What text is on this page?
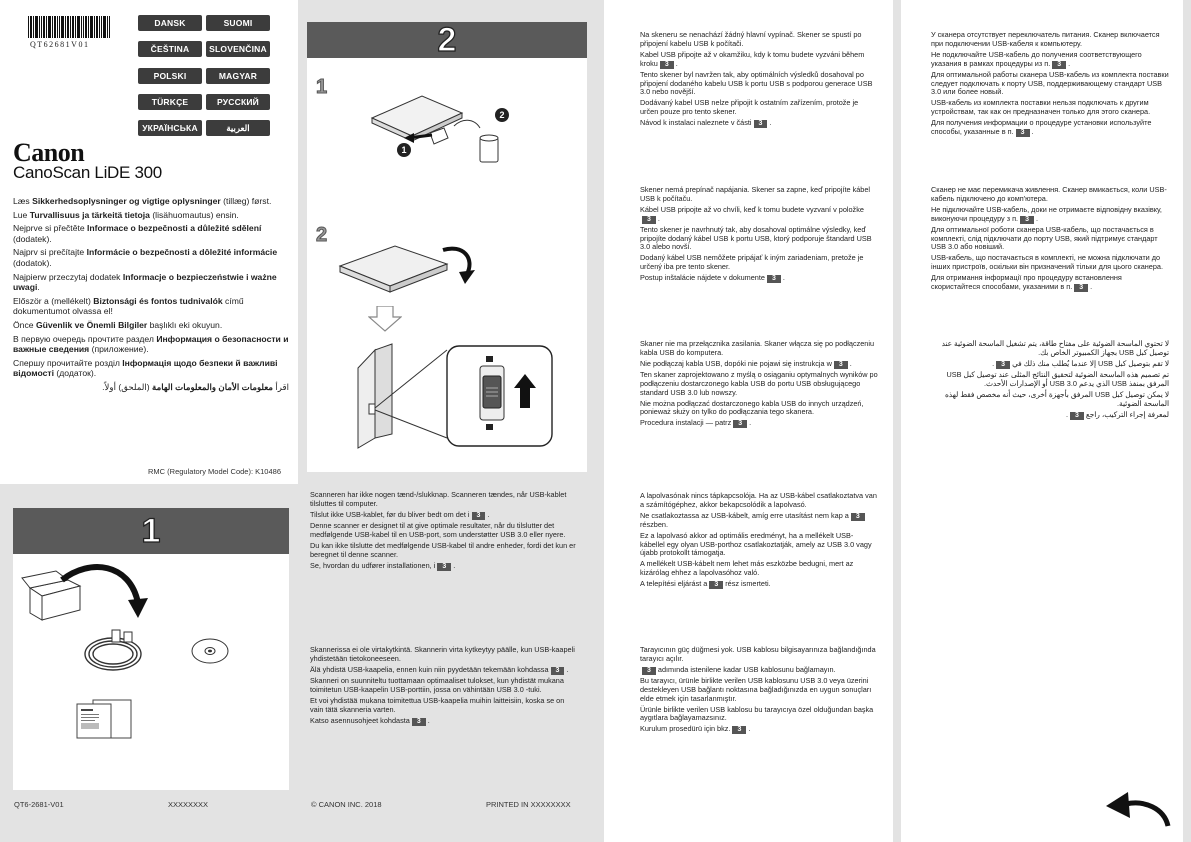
QT62681V01
DANSK	SUOMI
ČEŠTINA	SLOVENČINA
POLSKI	MAGYAR
TÜRKÇE	РУССКИЙ
УКРАЇНСЬКА	العربية
Canon
CanoScan LiDE 300

Læs Sikkerhedsoplysninger og vigtige oplysninger (tillæg) først.

Lue Turvallisuus ja tärkeitä tietoja (lisähuomautus) ensin.

Nejprve si přečtěte Informace o bezpečnosti a důležité sdělení (dodatek).

Najprv si prečítajte Informácie o bezpečnosti a dôležité informácie (dodatok).

Najpierw przeczytaj dodatek Informacje o bezpieczeństwie i ważne uwagi.

Először a (mellékelt) Biztonsági és fontos tudnivalók című dokumentumot olvassa el!

Önce Güvenlik ve Önemli Bilgiler başlıklı eki okuyun.

В первую очередь прочтите раздел Информация о безопасности и важные сведения (приложение).

Спершу прочитайте розділ Інформація щодо безпеки й важливі відомості (додаток).

اقرأ معلومات الأمان والمعلومات الهامة (الملحق) أولاً.

RMC (Regulatory Model Code): K10486
1
QT6-2681-V01	XXXXXXXX
2
1
2
1
2

Scanneren har ikke nogen tænd-/slukknap. Scanneren tændes, når USB-kablet tilsluttes til computer.

Tilslut ikke USB-kablet, før du bliver bedt om det i 3 .

Denne scanner er designet til at give optimale resultater, når du tilslutter det medfølgende USB-kabel til en USB-port, som understøtter USB 3.0 eller nyere.

Du kan ikke tilslutte det medfølgende USB-kabel til andre enheder, fordi det kun er beregnet til denne scanner.

Se, hvordan du udfører installationen, i 3 .

Skannerissa ei ole virtakytkintä. Skannerin virta kytkeytyy päälle, kun USB-kaapeli yhdistetään tietokoneeseen.

Älä yhdistä USB-kaapelia, ennen kuin niin pyydetään tekemään kohdassa 3 .

Skanneri on suunniteltu tuottamaan optimaaliset tulokset, kun yhdistät mukana toimitetun USB-kaapelin USB-porttiin, jossa on vähintään USB 3.0 -tuki.

Et voi yhdistää mukana toimitettua USB-kaapelia muihin laitteisiin, koska se on vain tätä skanneria varten.

Katso asennusohjeet kohdasta 3 .

© CANON INC. 2018	PRINTED IN XXXXXXXX

Na skeneru se nenachází žádný hlavní vypínač. Skener se spustí po připojení kabelu USB k počítači.

Kabel USB připojte až v okamžiku, kdy k tomu budete vyzváni během kroku 3 .

Tento skener byl navržen tak, aby optimálních výsledků dosahoval po připojení dodaného kabelu USB k portu USB s podporou generace USB 3.0 nebo novější.

Dodávaný kabel USB nelze připojit k ostatním zařízením, protože je určen pouze pro tento skener.

Návod k instalaci naleznete v části 3 .

Skener nemá prepínač napájania. Skener sa zapne, keď pripojíte kábel USB k počítaču.

Kábel USB pripojte až vo chvíli, keď k tomu budete vyzvaní v položke3 .

Tento skener je navrhnutý tak, aby dosahoval optimálne výsledky, keď pripojíte dodaný kábel USB k portu USB, ktorý podporuje štandard USB 3.0 alebo novší.

Dodaný kábel USB nemôžete pripájať k iným zariadeniam, pretože je určený iba pre tento skener.

Postup inštalácie nájdete v dokumente 3 .

Skaner nie ma przełącznika zasilania. Skaner włącza się po podłączeniu kabla USB do komputera.

Nie podłączaj kabla USB, dopóki nie pojawi się instrukcja w 3 .

Ten skaner zaprojektowano z myślą o osiąganiu optymalnych wyników po podłączeniu dostarczonego kabla USB do portu USB obsługującego standard USB 3.0 lub nowszy.

Nie można podłączać dostarczonego kabla USB do innych urządzeń, ponieważ służy on tylko do podłączania tego skanera.

Procedura instalacji — patrz 3 .

A lapolvasónak nincs tápkapcsolója. Ha az USB-kábel csatlakoztatva van a számítógéphez, akkor bekapcsolódik a lapolvasó.

Ne csatlakoztassa az USB-kábelt, amíg erre utasítást nem kap a 3részben.

Ez a lapolvasó akkor ad optimális eredményt, ha a mellékelt USB-kábellel egy olyan USB-porthoz csatlakoztatják, amely az USB 3.0 vagy újabb protokollt támogatja.

A mellékelt USB-kábelt nem lehet más eszközbe bedugni, mert az kizárólag ehhez a lapolvasóhoz való.

A telepítési eljárást a 3 rész ismerteti.

Tarayıcının güç düğmesi yok. USB kablosu bilgisayarınıza bağlandığında tarayıcı açılır.

3 adımında istenilene kadar USB kablosunu bağlamayın.

Bu tarayıcı, ürünle birlikte verilen USB kablosunu USB 3.0 veya üzerini destekleyen USB bağlantı noktasına bağladığınızda en uygun sonuçları elde etmek için tasarlanmıştır.

Ürünle birlikte verilen USB kablosu bu tarayıcıya özel olduğundan başka aygıtlara bağlayamazsınız.

Kurulum prosedürü için bkz. 3 .

У сканера отсутствует переключатель питания. Сканер включается при подключении USB-кабеля к компьютеру.

Не подключайте USB-кабель до получения соответствующего указания в рамках процедуры из п. 3 .

Для оптимальной работы сканера USB-кабель из комплекта поставки следует подключать к порту USB, поддерживающему стандарт USB 3.0 или более новый.

USB-кабель из комплекта поставки нельзя подключать к другим устройствам, так как он предназначен только для этого сканера.

Для получения информации о процедуре установки используйте способы, указанные в п. 3 .

Сканер не має перемикача живлення. Сканер вмикається, коли USB-кабель підключено до комп'ютера.

Не підключайте USB-кабель, доки не отримаєте відповідну вказівку, виконуючи процедуру з п. 3 .

Для оптимальної роботи сканера USB-кабель, що постачається в комплекті, слід підключати до порту USB, який підтримує стандарт USB 3.0 або новіший.

USB-кабель, що постачається в комплекті, не можна підключати до інших пристроїв, оскільки він призначений тільки для цього сканера.

Для отримання інформації про процедуру встановлення скористайтеся способами, указаними в п. 3 .

لا تحتوي الماسحة الضوئية على مفتاح طاقة، يتم تشغيل الماسحة الضوئية عند توصيل كبل USB بجهاز الكمبيوتر الخاص بك.

لا تقم بتوصيل كبل USB إلا عندما يُطلب منك ذلك في3.

تم تصميم هذه الماسحة الضوئية لتحقيق النتائج المثلى عند توصيل كبل USB المرفق بمنفذ USB الذي يدعم USB 3.0 أو الإصدارات الأحدث.

لا يمكن توصيل كبل USB المرفق بأجهزة أخرى، حيث أنه مخصص فقط لهذه الماسحة الضوئية.

لمعرفة إجراء التركيب، راجع3.
